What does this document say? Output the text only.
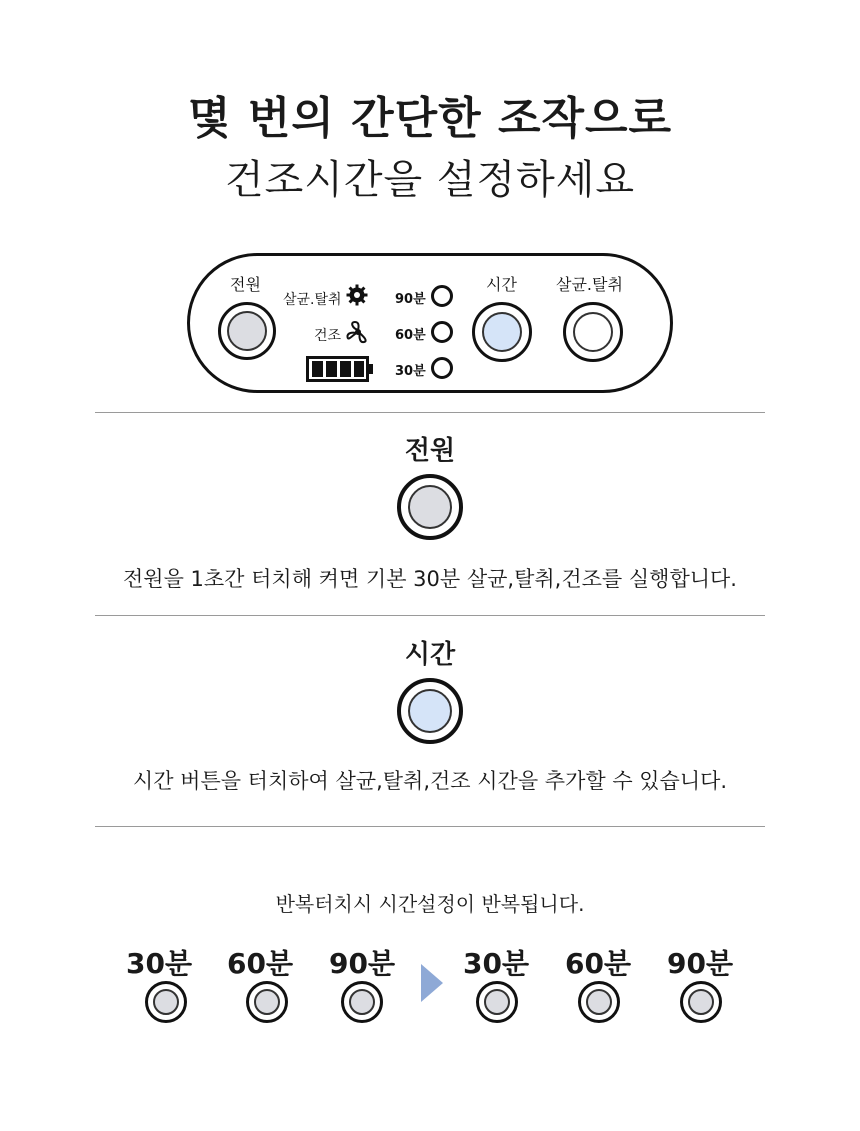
몇 번의 간단한 조작으로
건조시간을 설정하세요
전원
살균.탈취
건조
90분
60분
30분
시간 살균.탈취
전원
전원을 1초간 터치해 켜면 기본 30분 살균,탈취,건조를 실행합니다.
시간
시간 버튼을 터치하여 살균,탈취,건조 시간을 추가할 수 있습니다.
반복터치시 시간설정이 반복됩니다.
30분	60분	90분	30분	60분	90분
